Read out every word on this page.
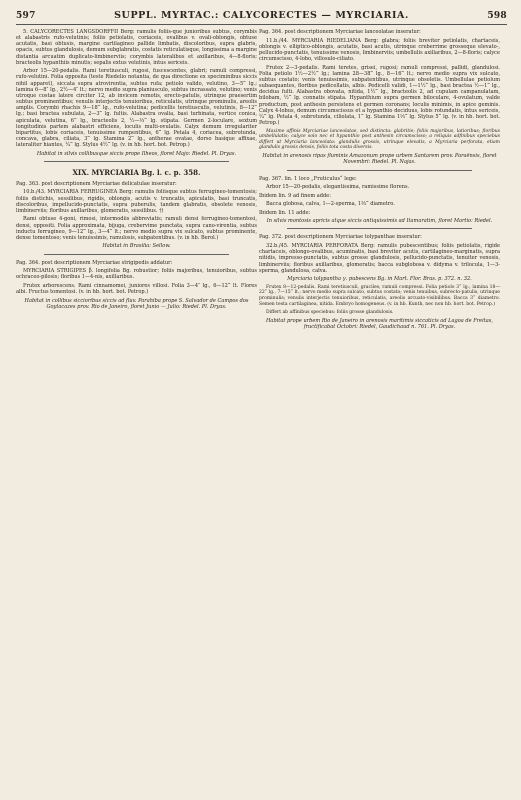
597	SUPPL. MYRTAC.: CALYCORECTES — MYRCIARIA.	598

5. CALYCORECTES LANGSDORFFII Berg: ramulis foliis-que junioribus subtus, corymbis et alabastris rufo-velutinis; foliis petiolatis, coriaceis, ovalibus v. ovali-oblongis, obtuse acutatis, basi obtusis, margine cartilagineo pallide limbatis, discoloribus, supra glabris, opacis, subtus glandulosis, demum subglabratis, costatis reticulatisque, longissima a margine distantia arcuatim duplicato-limbinerviis; corymbis lateralibus et axillaribus, 4—8-floris; bracteolis hypanthiis minutis; sepalis extus velutinis, intus sericeis.

Arbor 15—20-pedalis. Rami teretiusculi, rugosi, fuscescentes, glabri; ramuli compressi, rufo-velutini. Folia opposita (teste Riedelio notantia, de qua directione ex speciminibus siccis nihil apparet), siccata supra atrovirentia, subtus rufa; petiolo valido, velutino, 3—5‴ lg.; lamina 6—8″ lg., 2½—4″ lt.; nervo medio supra planiusculo, subtus incrassato, velutino; venis utroque costae latere circiter 12, ab invicem remotis, erecto-patulis, utrinque praesertim subtus prominentibus; venulis interjectis tenuioribus, reticulatis, utrinque prominulis, areolis amplis. Corymbi rhachis 9—18‴ lg., rufo-velutina; pedicellis teretiusculis, velutinis, 8—12‴ lg.; basi bractea subulata, 2—3‴ lg. fultis. Alabastra ovalia, basi turbinata, vertice conica, apiculata, velutina, 6‴ lg., bracteolis 2, ½—⅓‴ lg. stipata. Germen 2-loculare, sextum longitudinis partem alabastri efficiens, loculis multi-ovulatis. Calyx demum irregulariter bipartitus, lobis coriaceis, tenuissime rumpentibus, 6‴ lg. Petala 4, coriacea, subrotunda, concava, glabra, ciliata, 3‴ lg. Stamina 2‴ lg., antherae ovatae, dorso basique affixae, lateraliter hiantes, ¼‴ lg. Stylus 4½‴ lg. (v. in hb. hort. bot. Petrop.)

Habitat in silvis collibusque siccis prope Ilheos, floret Majo: Riedel. Pl. Dryas.

XIX. MYRCIARIA Bg. l. c. p. 358.

Pag. 363. post descriptionem Myrciariae delicatulae inseratur:

10.b./43. MYRCIARIA FERRUGINEA Berg: ramulis foliisque subtus ferrugineo-tomentosis; foliis distichis, sessilibus, rigidis, oblongis, acutis v. truncatis, apiculatis, basi truncatis, discoloribus, impellucido-punctatis, supra puberulis, tandem glabratis, obsolete venosis, limbinerviis; floribus axillaribus, glomeratis, sessilibus. †)

Rami obtuse 4-goni, rimosi, intermodiis abbreviatis; ramuli densi ferrugineo-tomentosi, densi, oppositi. Folia approximata, bijuga, crebervime punctata, supra cano-virentia, subtus inductu ferrugineo, 9—12‴ lg., 3—4‴ lt.; nervo medio supra vix sulcato, subtus prominente, dense tomentoso; venis tenuissimis, ramulosis, subpatentibus. (v. in hb. Berol.)

Habitat in Brasilia: Sellow.

Pag. 364. post descriptionem Myrciariae strigipedis addatur:

MYRCIARIA STRIGIPES β. longifolia Bg. robustior; foliis majoribus, tenuioribus, subtus ochraceo-pilosis; floribus 1—4-nis, axillaribus.

Frutex arborescens. Rami cinnamomei, juniores villosi. Folia 3—4″ lg., 6—12‴ lt. Flores albi. Fructus tomentosi. (v. in hb. hort. bot. Petrop.)

Habitat in collibus siccioribus siccis ad fluv. Parahiba prope S. Salvador de Campos dos Goytacazes prov. Rio de Janeiro, floret Junio — Julio: Riedel. Pl. Dryas.

Pag. 364. post descriptionem Myrciariae lanceolatae inseratur:

11.b./44. MYRCIARIA RIEDELIANA Berg: glabra; foliis breviter petiolatis, chartaceis, oblongis v. elliptico-oblongis, acutatis, basi acutis, utrinque creberrime grosseque elevato-, pellucido-punctatis, tenuissime venosis, limbinerviis; umbellulis axillaribus, 2—8-floris; calyce circumscisso, 4-lobo, villosulo-ciliato.

Frutex 2—3-pedalis. Rami teretes, grisei, rugosi; ramuli compressi, pallidi, glandulosi. Folia petiolo 1½—2½‴ lg.; lamina 28—38‴ lg., 8—16‴ lt.; nervo medio supra vix sulcato, subtus costato; venis tenuissimis, subpatentibus, utrinque obsoletis. Umbellulae petiolum subaequantes, floribus pedicellatis, albis. Pedicelli validi, 1—1½‴ lg., basi bractea ½—1‴ lg., decidua fulti. Alabastra obovata, nitida, 1½‴ lg., bracteolis 2, ad cupulam campanulatam, bilobam, ½‴ lg. connatis stipata. Hypanthium supra germen biloculare, 4-ovulatum, valde productum, post anthesin persistens et germen coronans; loculis minimis, in apice geminis. Calyx 4-lobus, demum circumscissus et a hypanthio deciduus, lobis rotundatis, intus sericeis, ¼‴ lg. Petala 4, subrotunda, ciliolata, 1‴ lg. Stamina 1⅓‴ lg. Stylus 5‴ lg. (v. in hb. hort. bot. Petrop.)

Maxime affinis Myrciariae lanceolatae, sed distincta: glabritie; foliis majoribus, latioribus; floribus umbellulatis; calyce solo nec et hypanthio post anthesin circumscisso; a reliquis adfinibus speciebus differt ut Myrciaria lanceolata: glandulis grossis, utrinque elevatis, a Myrciaria perforata, etiam glandulis grossis densis, foliis tota costa diversis.

Habitat in arenosis ripas fluminis Amazonum prope urbem Santarem prov. Paraënsis, floret Novembri: Riedel. Pl. Najas.

Pag. 367. lin. 1 loco „Fruticulus“ lege:

Arbor 15—20-pedalis, elegantissima, ramissime florens.

Ibidem lin. 9 ad finem adde:

Bacca globosa, calva, 1—2-sperma, 1⅔‴ diametro.

Ibidem lin. 11 adde:

In silvis montosis apricis atque siccis antiquissimis ad Itamaratim, floret Martio: Riedel.

Pag. 372. post descriptionem Myrciariae tolypanthae inseratur:

32.b./45. MYRCIARIA PERFORATA Berg: ramulis pubescentibus; foliis petiolatis, rigide chartaceis, oblongo-ovalibus, acuminatis, basi breviter acutis, cartilagineo-marginatis, supra nitidis, impresso-punctatis, subtus grosse glandulosis, pellucido-punctatis, tenuiter venosis, limbinerviis; floribus axillaribus, glomeratis; bacca subglobosa v. didyma v. trilocula, 1—3-sperma, glandulosa, calva.

Myrciaria tolypantha γ. pubescens Bg. in Mart. Flor. Bras. p. 372. n. 32.

Frutex 8—12-pedalis. Rami teretiusculi, graciles; ramuli compressi. Folia petiolo 3‴ lg.; lamina 18—22‴ lg., 7—15‴ lt.; nervo medio supra sulcato, subtus costato; venis tenuibus, subrecto-patulis, utrinque prominulis; venulis interjectis tenuioribus, reticulatis, areolis arcuato-visibilibus. Bacca 3‴ diametro. Semen testa cartilaginea, nitida. Embryo homogeneus. (v. in hb. Kunth, nec non hb. hort. bot. Petrop.)

Differt ab affinibus speciebus: foliis grosse glandulosis.

Habitat prope urbem Rio de Janeiro in arenosis maritimis siccaticis ad Lagoa de Freitas, fructificabat Octobri: Riedel, Gaudichaud n. 761. Pl. Dryas.
